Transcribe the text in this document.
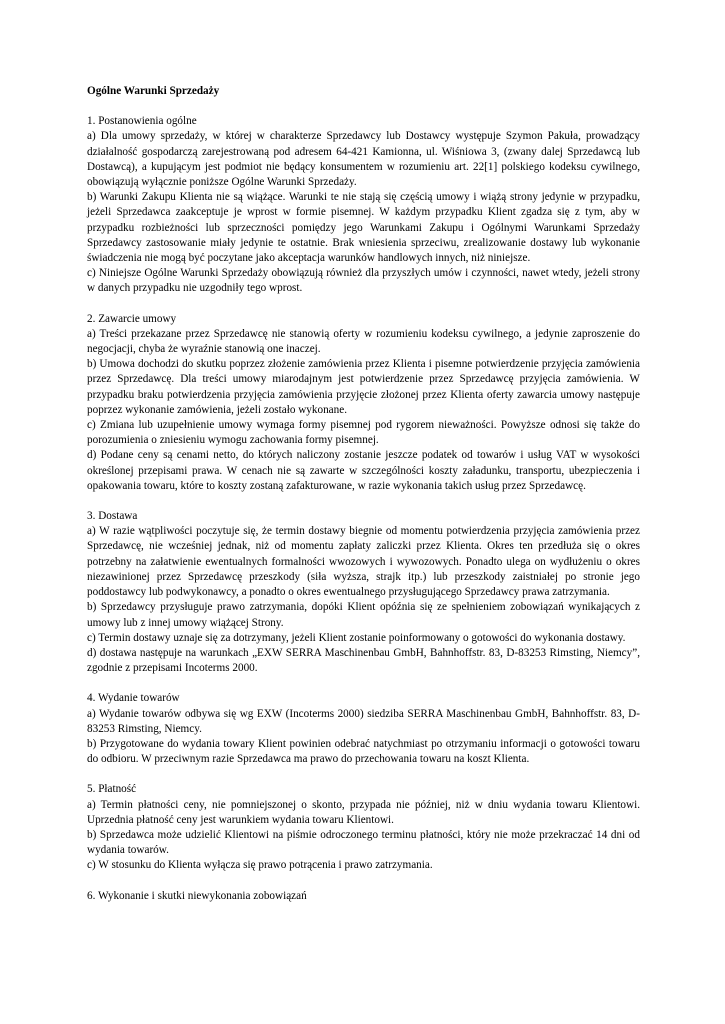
Ogólne Warunki Sprzedaży

1. Postanowienia ogólne

a) Dla umowy sprzedaży, w której w charakterze Sprzedawcy lub Dostawcy występuje Szymon Pakuła, prowadzący działalność gospodarczą zarejestrowaną pod adresem 64-421 Kamionna, ul. Wiśniowa 3, (zwany dalej Sprzedawcą lub Dostawcą), a kupującym jest podmiot nie będący konsumentem w rozumieniu art. 22[1] polskiego kodeksu cywilnego, obowiązują wyłącznie poniższe Ogólne Warunki Sprzedaży.

b) Warunki Zakupu Klienta nie są wiążące. Warunki te nie stają się częścią umowy i wiążą strony jedynie w przypadku, jeżeli Sprzedawca zaakceptuje je wprost w formie pisemnej. W każdym przypadku Klient zgadza się z tym, aby w przypadku rozbieżności lub sprzeczności pomiędzy jego Warunkami Zakupu i Ogólnymi Warunkami Sprzedaży Sprzedawcy zastosowanie miały jedynie te ostatnie. Brak wniesienia sprzeciwu, zrealizowanie dostawy lub wykonanie świadczenia nie mogą być poczytane jako akceptacja warunków handlowych innych, niż niniejsze.

c) Niniejsze Ogólne Warunki Sprzedaży obowiązują również dla przyszłych umów i czynności, nawet wtedy, jeżeli strony w danych przypadku nie uzgodniły tego wprost.

2. Zawarcie umowy

a) Treści przekazane przez Sprzedawcę nie stanowią oferty w rozumieniu kodeksu cywilnego, a jedynie zaproszenie do negocjacji, chyba że wyraźnie stanowią one inaczej.

b) Umowa dochodzi do skutku poprzez złożenie zamówienia przez Klienta i pisemne potwierdzenie przyjęcia zamówienia przez Sprzedawcę. Dla treści umowy miarodajnym jest potwierdzenie przez Sprzedawcę przyjęcia zamówienia. W przypadku braku potwierdzenia przyjęcia zamówienia przyjęcie złożonej przez Klienta oferty zawarcia umowy następuje poprzez wykonanie zamówienia, jeżeli zostało wykonane.

c) Zmiana lub uzupełnienie umowy wymaga formy pisemnej pod rygorem nieważności. Powyższe odnosi się także do porozumienia o zniesieniu wymogu zachowania formy pisemnej.

d) Podane ceny są cenami netto, do których naliczony zostanie jeszcze podatek od towarów i usług VAT w wysokości określonej przepisami prawa. W cenach nie są zawarte w szczególności koszty załadunku, transportu, ubezpieczenia i opakowania towaru, które to koszty zostaną zafakturowane, w razie wykonania takich usług przez Sprzedawcę.

3. Dostawa

a) W razie wątpliwości poczytuje się, że termin dostawy biegnie od momentu potwierdzenia przyjęcia zamówienia przez Sprzedawcę, nie wcześniej jednak, niż od momentu zapłaty zaliczki przez Klienta. Okres ten przedłuża się o okres potrzebny na załatwienie ewentualnych formalności wwozowych i wywozowych. Ponadto ulega on wydłużeniu o okres niezawinionej przez Sprzedawcę przeszkody (siła wyższa, strajk itp.) lub przeszkody zaistniałej po stronie jego poddostawcy lub podwykonawcy, a ponadto o okres ewentualnego przysługującego Sprzedawcy prawa zatrzymania.

b) Sprzedawcy przysługuje prawo zatrzymania, dopóki Klient opóźnia się ze spełnieniem zobowiązań wynikających z umowy lub z innej umowy wiążącej Strony.

c) Termin dostawy uznaje się za dotrzymany, jeżeli Klient zostanie poinformowany o gotowości do wykonania dostawy.

d) dostawa następuje na warunkach „EXW SERRA Maschinenbau GmbH, Bahnhoffstr. 83, D-83253 Rimsting, Niemcy”, zgodnie z przepisami Incoterms 2000.

4. Wydanie towarów

a) Wydanie towarów odbywa się wg EXW (Incoterms 2000) siedziba SERRA Maschinenbau GmbH, Bahnhoffstr. 83, D-83253 Rimsting, Niemcy.

b) Przygotowane do wydania towary Klient powinien odebrać natychmiast po otrzymaniu informacji o gotowości towaru do odbioru. W przeciwnym razie Sprzedawca ma prawo do przechowania towaru na koszt Klienta.

5. Płatność

a) Termin płatności ceny, nie pomniejszonej o skonto, przypada nie później, niż w dniu wydania towaru Klientowi. Uprzednia płatność ceny jest warunkiem wydania towaru Klientowi.

b) Sprzedawca może udzielić Klientowi na piśmie odroczonego terminu płatności, który nie może przekraczać 14 dni od wydania towarów.

c) W stosunku do Klienta wyłącza się prawo potrącenia i prawo zatrzymania.

6. Wykonanie i skutki niewykonania zobowiązań
